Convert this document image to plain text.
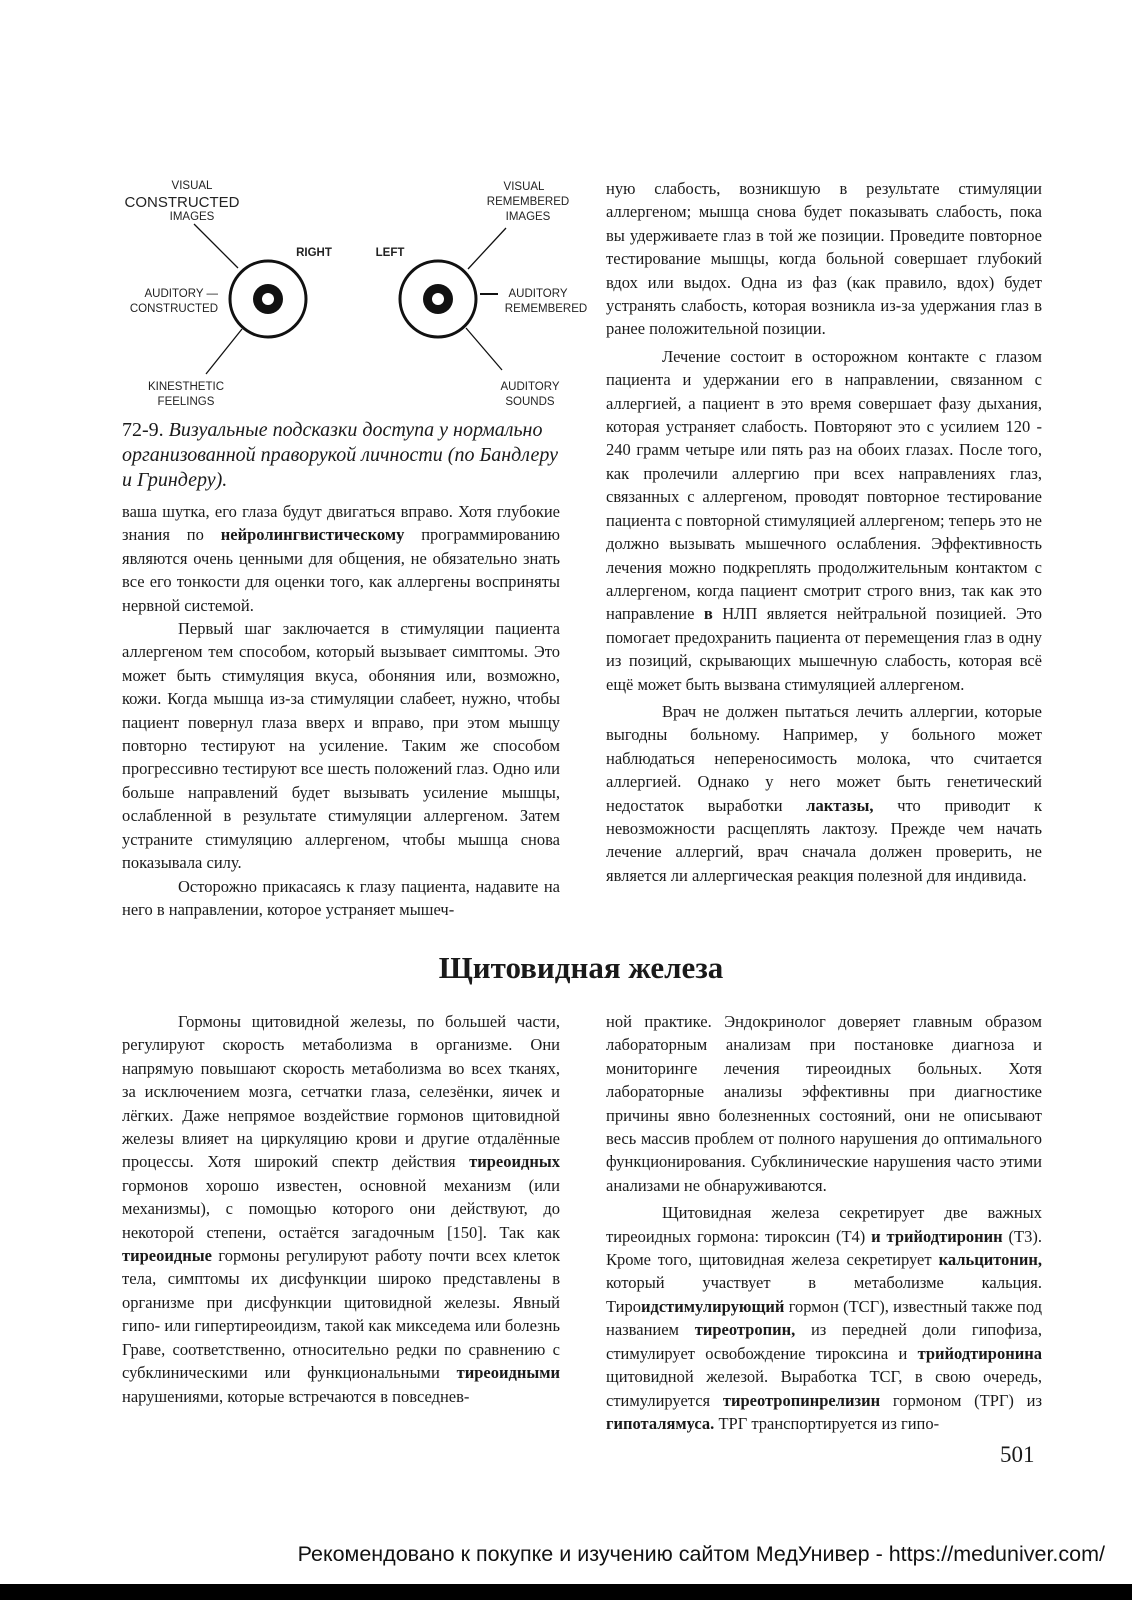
VISUAL
CONSTRUCTED
IMAGES
VISUAL
REMEMBERED
IMAGES
RIGHT	LEFT
AUDITORY —
CONSTRUCTED
AUDITORY
REMEMBERED
KINESTHETIC
FEELINGS
AUDITORY
SOUNDS
72-9. Визуальные подсказки доступа у нормально организованной праворукой личности (по Бандлеру и Гриндеру).

ваша шутка, его глаза будут двигаться вправо. Хотя глубокие знания по нейролингвистическому программированию являются очень ценными для общения, не обязательно знать все его тонкости для оценки того, как аллергены восприняты нервной системой.

Первый шаг заключается в стимуляции пациента аллергеном тем способом, который вызывает симптомы. Это может быть стимуляция вкуса, обоняния или, возможно, кожи. Когда мышца из-за стимуляции слабеет, нужно, чтобы пациент повернул глаза вверх и вправо, при этом мышцу повторно тестируют на усиление. Таким же способом прогрессивно тестируют все шесть положений глаз. Одно или больше направлений будет вызывать усиление мышцы, ослабленной в результате стимуляции аллергеном. Затем устраните стимуляцию аллергеном, чтобы мышца снова показывала силу.

Осторожно прикасаясь к глазу пациента, надавите на него в направлении, которое устраняет мышеч-

ную слабость, возникшую в результате стимуляции аллергеном; мышца снова будет показывать слабость, пока вы удерживаете глаз в той же позиции. Проведите повторное тестирование мышцы, когда больной совершает глубокий вдох или выдох. Одна из фаз (как правило, вдох) будет устранять слабость, которая возникла из-за удержания глаз в ранее положительной позиции.

Лечение состоит в осторожном контакте с глазом пациента и удержании его в направлении, связанном с аллергией, а пациент в это время совершает фазу дыхания, которая устраняет слабость. Повторяют это с усилием 120 - 240 грамм четыре или пять раз на обоих глазах. После того, как пролечили аллергию при всех направлениях глаз, связанных с аллергеном, проводят повторное тестирование пациента с повторной стимуляцией аллергеном; теперь это не должно вызывать мышечного ослабления. Эффективность лечения можно подкреплять продолжительным контактом с аллергеном, когда пациент смотрит строго вниз, так как это направление в НЛП является нейтральной позицией. Это помогает предохранить пациента от перемещения глаз в одну из позиций, скрывающих мышечную слабость, которая всё ещё может быть вызвана стимуляцией аллергеном.

Врач не должен пытаться лечить аллергии, которые выгодны больному. Например, у больного может наблюдаться непереносимость молока, что считается аллергией. Однако у него может быть генетический недостаток выработки лактазы, что приводит к невозможности расщеплять лактозу. Прежде чем начать лечение аллергий, врач сначала должен проверить, не является ли аллергическая реакция полезной для индивида.

Щитовидная железа

Гормоны щитовидной железы, по большей части, регулируют скорость метаболизма в организме. Они напрямую повышают скорость метаболизма во всех тканях, за исключением мозга, сетчатки глаза, селезёнки, яичек и лёгких. Даже непрямое воздействие гормонов щитовидной железы влияет на циркуляцию крови и другие отдалённые процессы. Хотя широкий спектр действия тиреоидных гормонов хорошо известен, основной механизм (или механизмы), с помощью которого они действуют, до некоторой степени, остаётся загадочным [150]. Так как тиреоидные гормоны регулируют работу почти всех клеток тела, симптомы их дисфункции широко представлены в организме при дисфункции щитовидной железы. Явный гипо- или гипертиреоидизм, такой как микседема или болезнь Граве, соответственно, относительно редки по сравнению с субклиническими или функциональными тиреоидными нарушениями, которые встречаются в повседнев-

ной практике. Эндокринолог доверяет главным образом лабораторным анализам при постановке диагноза и мониторинге лечения тиреоидных больных. Хотя лабораторные анализы эффективны при диагностике причины явно болезненных состояний, они не описывают весь массив проблем от полного нарушения до оптимального функционирования. Субклинические нарушения часто этими анализами не обнаруживаются.

Щитовидная железа секретирует две важных тиреоидных гормона: тироксин (Т4) и трийодтиронин (Т3). Кроме того, щитовидная железа секретирует кальцитонин, который участвует в метаболизме кальция. Тироидстимулирующий гормон (ТСГ), известный также под названием тиреотропин, из передней доли гипофиза, стимулирует освобождение тироксина и трийодтиронина щитовидной железой. Выработка ТСГ, в свою очередь, стимулируется тиреотропинрелизин гормоном (ТРГ) из гипоталямуса. ТРГ транспортируется из гипо-

501
Рекомендовано к покупке и изучению сайтом МедУнивер - https://meduniver.com/
